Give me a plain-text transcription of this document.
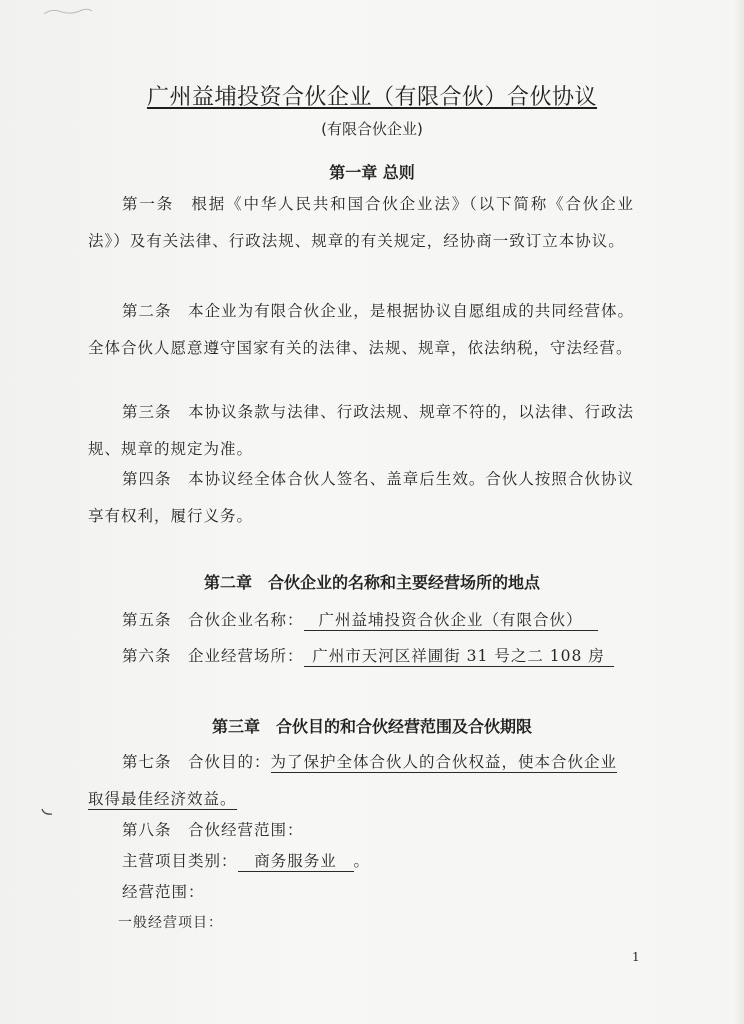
广州益埔投资合伙企业（有限合伙）合伙协议
(有限合伙企业)
第一章 总则
第一条　根据《中华人民共和国合伙企业法》（以下简称《合伙企业法》）及有关法律、行政法规、规章的有关规定，经协商一致订立本协议。
第二条　本企业为有限合伙企业，是根据协议自愿组成的共同经营体。全体合伙人愿意遵守国家有关的法律、法规、规章，依法纳税，守法经营。
第三条　本协议条款与法律、行政法规、规章不符的，以法律、行政法规、规章的规定为准。
第四条　本协议经全体合伙人签名、盖章后生效。合伙人按照合伙协议享有权利，履行义务。
第二章　合伙企业的名称和主要经营场所的地点
第五条　合伙企业名称： 广州益埔投资合伙企业（有限合伙）
第六条　企业经营场所： 广州市天河区祥圃街 31 号之二 108 房
第三章　合伙目的和合伙经营范围及合伙期限
第七条　合伙目的：为了保护全体合伙人的合伙权益，使本合伙企业
取得最佳经济效益。
第八条　合伙经营范围：
主营项目类别： 商务服务业 。
经营范围：
一般经营项目：
1
